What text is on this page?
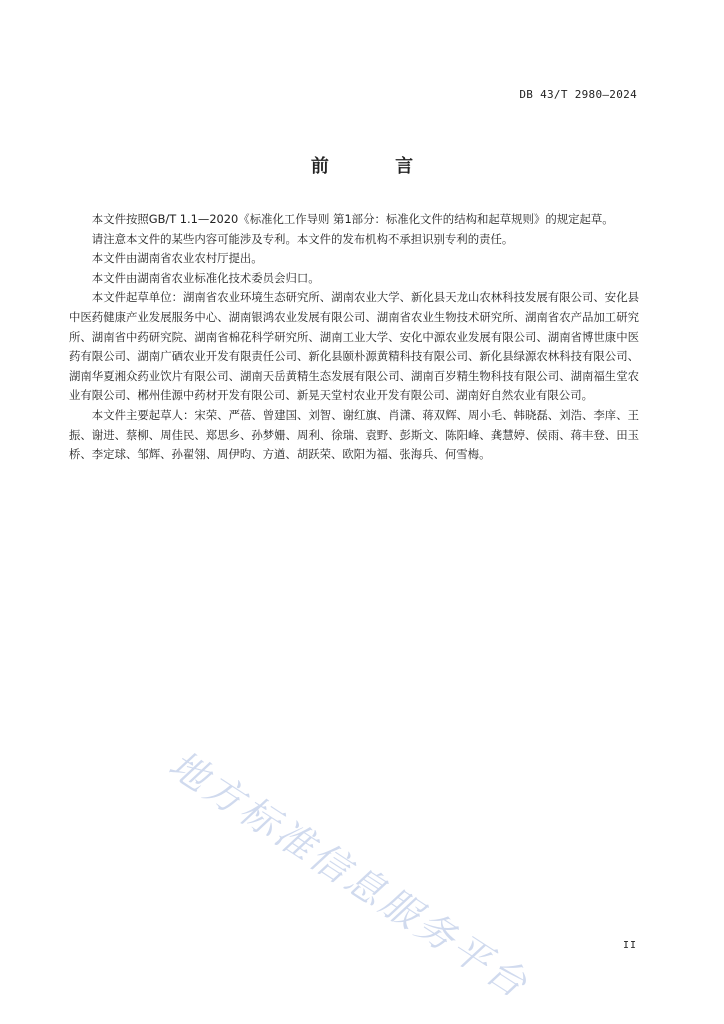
DB 43/T 2980—2024
前 言

本文件按照GB/T 1.1—2020《标准化工作导则 第1部分：标准化文件的结构和起草规则》的规定起草。

请注意本文件的某些内容可能涉及专利。本文件的发布机构不承担识别专利的责任。

本文件由湖南省农业农村厅提出。

本文件由湖南省农业标准化技术委员会归口。

本文件起草单位：湖南省农业环境生态研究所、湖南农业大学、新化县天龙山农林科技发展有限公司、安化县中医药健康产业发展服务中心、湖南银鸿农业发展有限公司、湖南省农业生物技术研究所、湖南省农产品加工研究所、湖南省中药研究院、湖南省棉花科学研究所、湖南工业大学、安化中源农业发展有限公司、湖南省博世康中医药有限公司、湖南广硒农业开发有限责任公司、新化县颐朴源黄精科技有限公司、新化县绿源农林科技有限公司、湖南华夏湘众药业饮片有限公司、湖南天岳黄精生态发展有限公司、湖南百岁精生物科技有限公司、湖南福生堂农业有限公司、郴州佳源中药材开发有限公司、新晃天堂村农业开发有限公司、湖南好自然农业有限公司。

本文件主要起草人：宋荣、严蓓、曾建国、刘智、谢红旗、肖潇、蒋双辉、周小毛、韩晓磊、刘浩、李庠、王振、谢进、蔡柳、周佳民、郑思乡、孙梦姗、周利、徐瑞、袁野、彭斯文、陈阳峰、龚慧婷、侯雨、蒋丰登、田玉桥、李定球、邹辉、孙翟翎、周伊昀、方遒、胡跃荣、欧阳为福、张海兵、何雪梅。

地方标准信息服务平台	II
